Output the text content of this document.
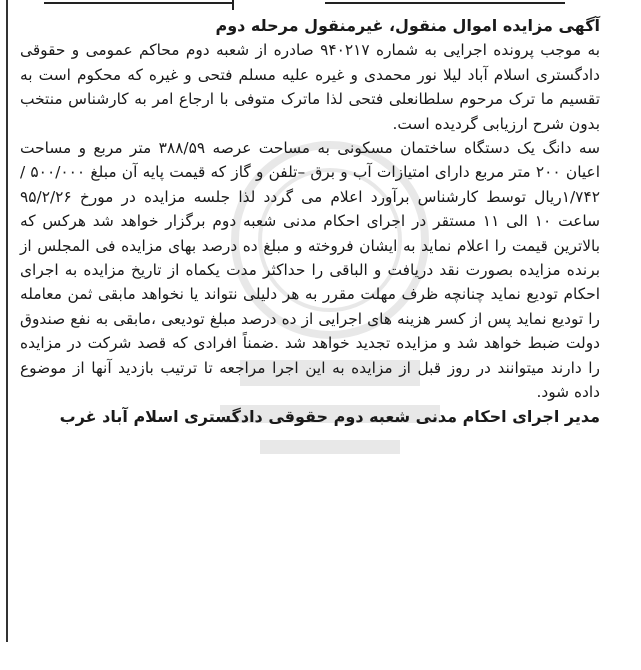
آگهی مزایده اموال منقول، غیرمنقول مرحله دوم

به موجب پرونده اجرایی به شماره ۹۴۰۲۱۷ صادره از شعبه دوم محاکم عمومی و حقوقی دادگستری اسلام آباد لیلا نور محمدی و غیره علیه مسلم فتحی و غیره که محکوم است به تقسیم ما ترک مرحوم سلطانعلی فتحی لذا ماترک متوفی با ارجاع امر به کارشناس منتخب بدون شرح ارزیابی گردیده است.

سه دانگ یک دستگاه ساختمان مسکونی به مساحت عرصه ۳۸۸/۵۹ متر مربع و مساحت اعیان ۲۰۰ متر مربع دارای امتیازات آب و برق –تلفن و گاز که قیمت پایه آن مبلغ ۵۰۰/۰۰۰ /۱/۷۴۲ریال توسط کارشناس برآورد اعلام می گردد لذا جلسه مزایده در مورخ ۹۵/۲/۲۶ ساعت ۱۰ الی ۱۱ مستقر در اجرای احکام مدنی شعبه دوم برگزار خواهد شد هرکس که بالاترین قیمت را اعلام نماید به ایشان فروخته و مبلغ ده درصد بهای مزایده فی المجلس از برنده مزایده بصورت نقد دریافت و الباقی را حداکثر مدت یکماه از تاریخ مزایده به اجرای احکام تودیع نماید چنانچه ظرف مهلت مقرر به هر دلیلی نتواند یا نخواهد مابقی ثمن معامله را تودیع نماید پس از کسر هزینه های اجرایی از ده درصد مبلغ تودیعی ،مابقی به نفع صندوق دولت ضبط خواهد شد و مزایده تجدید خواهد شد .ضمناً افرادی که قصد شرکت در مزایده را دارند میتوانند در روز قبل از مزایده به این اجرا مراجعه تا ترتیب بازدید آنها از موضوع داده شود.

مدیر اجرای احکام مدنی شعبه دوم حقوقی دادگستری اسلام آباد غرب
